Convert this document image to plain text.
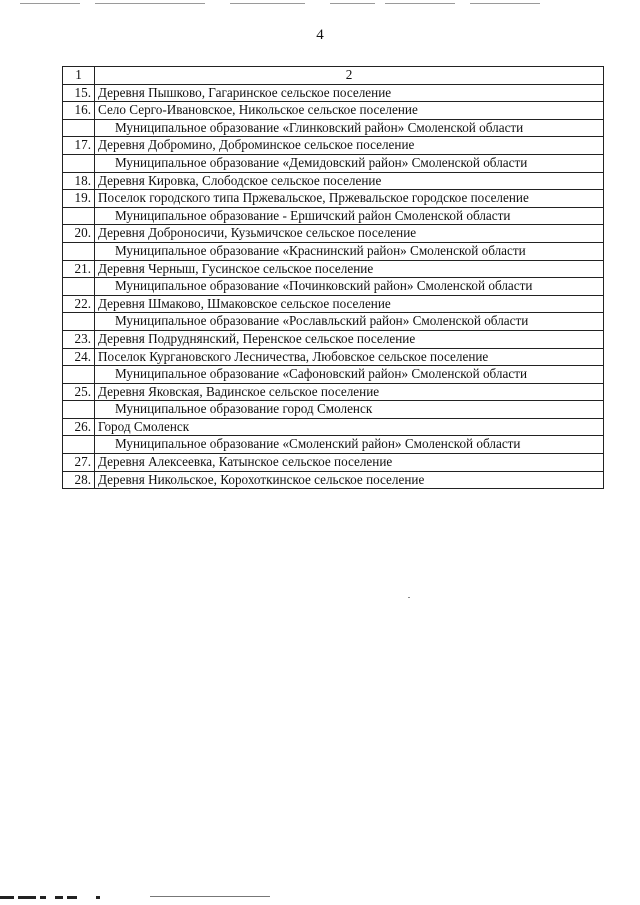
4
1	2
15.	Деревня Пышково, Гагаринское сельское поселение
16.	Село Серго-Ивановское, Никольское сельское поселение
	Муниципальное образование «Глинковский район» Смоленской области
17.	Деревня Добромино, Доброминское сельское поселение
	Муниципальное образование «Демидовский район» Смоленской области
18.	Деревня Кировка, Слободское сельское поселение
19.	Поселок городского типа Пржевальское, Пржевальское городское поселение
	Муниципальное образование - Ершичский район Смоленской области
20.	Деревня Доброносичи, Кузьмичское сельское поселение
	Муниципальное образование «Краснинский район» Смоленской области
21.	Деревня Черныш, Гусинское сельское поселение
	Муниципальное образование «Починковский район» Смоленской области
22.	Деревня Шмаково, Шмаковское сельское поселение
	Муниципальное образование «Рославльский район» Смоленской области
23.	Деревня Подруднянский, Перенское сельское поселение
24.	Поселок Кургановского Лесничества, Любовское сельское поселение
	Муниципальное образование «Сафоновский район» Смоленской области
25.	Деревня Яковская, Вадинское сельское поселение
	Муниципальное образование город Смоленск
26.	Город Смоленск
	Муниципальное образование «Смоленский район» Смоленской области
27.	Деревня Алексеевка, Катынское сельское поселение
28.	Деревня Никольское, Корохоткинское сельское поселение
